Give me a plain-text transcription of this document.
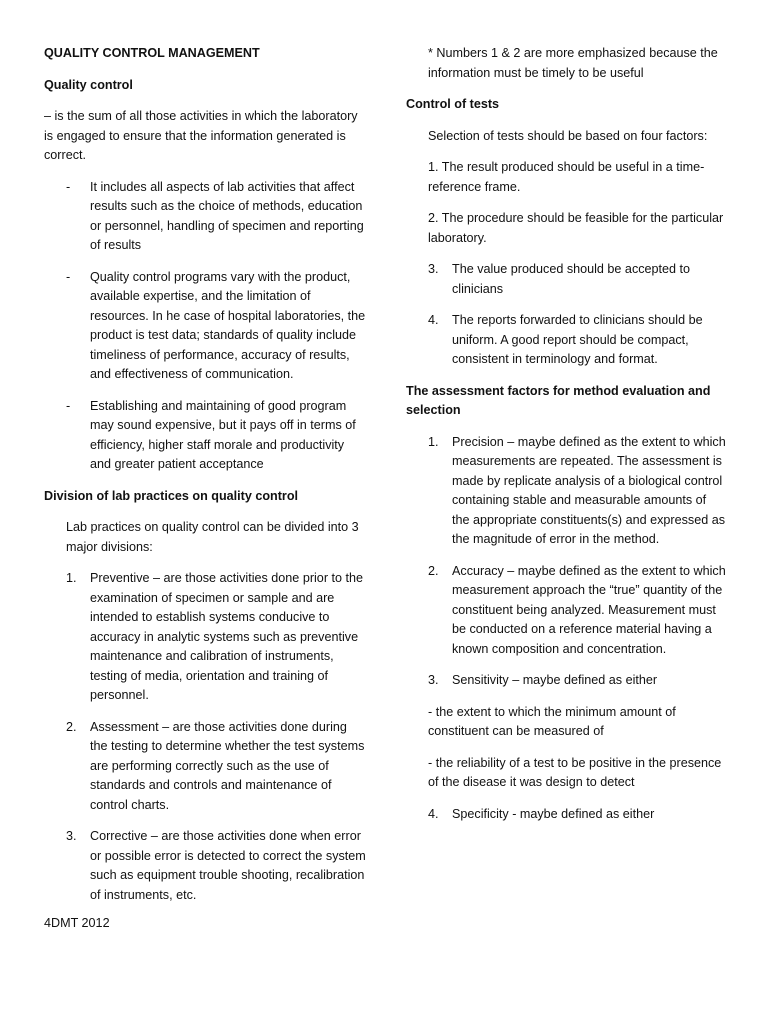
QUALITY CONTROL MANAGEMENT

Quality control

– is the sum of all those activities in which the laboratory is engaged to ensure that the information generated is correct.

- It includes all aspects of lab activities that affect results such as the choice of methods, education or personnel, handling of specimen and reporting of results
- Quality control programs vary with the product, available expertise, and the limitation of resources. In he case of hospital laboratories, the product is test data; standards of quality include timeliness of performance, accuracy of results, and effectiveness of communication.
- Establishing and maintaining of good program may sound expensive, but it pays off in terms of efficiency, higher staff morale and productivity and greater patient acceptance

Division of lab practices on quality control

Lab practices on quality control can be divided into 3 major divisions:

1. Preventive – are those activities done prior to the examination of specimen or sample and are intended to establish systems conducive to accuracy in analytic systems such as preventive maintenance and calibration of instruments, testing of media, orientation and training of personnel.
2. Assessment – are those activities done during the testing to determine whether the test systems are performing correctly such as the use of standards and controls and maintenance of control charts.
3. Corrective – are those activities done when error or possible error is detected to correct the system such as equipment trouble shooting, recalibration of instruments, etc.
4DMT 2012

* Numbers 1 & 2 are more emphasized because the information must be timely to be useful

Control of tests

Selection of tests should be based on four factors:

1. The result produced should be useful in a time-reference frame.

2. The procedure should be feasible for the particular laboratory.

3. The value produced should be accepted to clinicians
4. The reports forwarded to clinicians should be uniform. A good report should be compact, consistent in terminology and format.

The assessment factors for method evaluation and selection

1. Precision – maybe defined as the extent to which measurements are repeated. The assessment is made by replicate analysis of a biological control containing stable and measurable amounts of the appropriate constituents(s) and expressed as the magnitude of error in the method.
2. Accuracy – maybe defined as the extent to which measurement approach the “true” quantity of the constituent being analyzed. Measurement must be conducted on a reference material having a known composition and concentration.
3. Sensitivity – maybe defined as either

- the extent to which the minimum amount of constituent can be measured of

- the reliability of a test to be positive in the presence of the disease it was design to detect

4. Specificity - maybe defined as either
